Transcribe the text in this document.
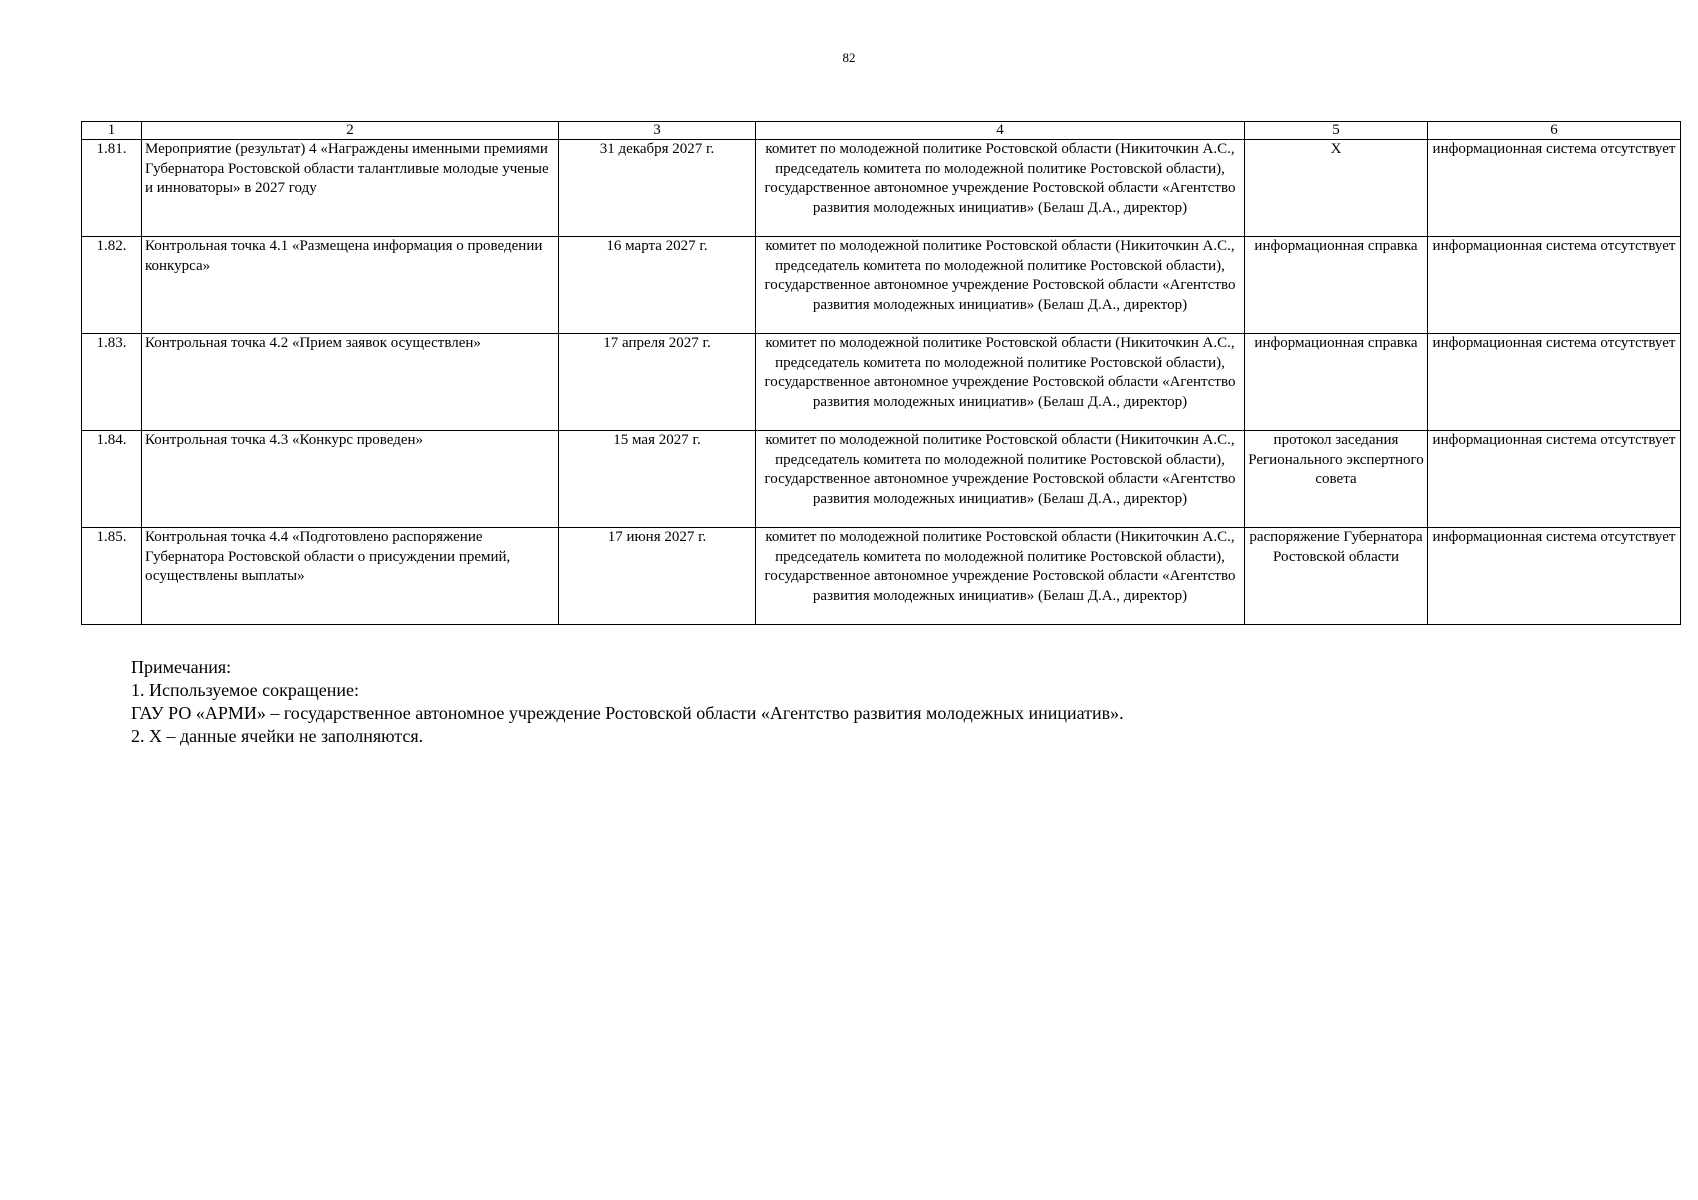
82
1	2	3	4	5	6
1.81.	Мероприятие (результат) 4 «Награждены именными премиями Губернатора Ростовской области талантливые молодые ученые и инноваторы» в 2027 году	31 декабря 2027 г.	комитет по молодежной политике Ростовской области (Никиточкин А.С., председатель комитета по молодежной политике Ростовской области), государственное автономное учреждение Ростовской области «Агентство развития молодежных инициатив» (Белаш Д.А., директор)	Х	информационная система отсутствует
1.82.	Контрольная точка 4.1 «Размещена информация о проведении конкурса»	16 марта 2027 г.	комитет по молодежной политике Ростовской области (Никиточкин А.С., председатель комитета по молодежной политике Ростовской области), государственное автономное учреждение Ростовской области «Агентство развития молодежных инициатив» (Белаш Д.А., директор)	информационная справка	информационная система отсутствует
1.83.	Контрольная точка 4.2 «Прием заявок осуществлен»	17 апреля 2027 г.	комитет по молодежной политике Ростовской области (Никиточкин А.С., председатель комитета по молодежной политике Ростовской области), государственное автономное учреждение Ростовской области «Агентство развития молодежных инициатив» (Белаш Д.А., директор)	информационная справка	информационная система отсутствует
1.84.	Контрольная точка 4.3 «Конкурс проведен»	15 мая 2027 г.	комитет по молодежной политике Ростовской области (Никиточкин А.С., председатель комитета по молодежной политике Ростовской области), государственное автономное учреждение Ростовской области «Агентство развития молодежных инициатив» (Белаш Д.А., директор)	протокол заседания Регионального экспертного совета	информационная система отсутствует
1.85.	Контрольная точка 4.4 «Подготовлено распоряжение Губернатора Ростовской области о присуждении премий, осуществлены выплаты»	17 июня 2027 г.	комитет по молодежной политике Ростовской области (Никиточкин А.С., председатель комитета по молодежной политике Ростовской области), государственное автономное учреждение Ростовской области «Агентство развития молодежных инициатив» (Белаш Д.А., директор)	распоряжение Губернатора Ростовской области	информационная система отсутствует
Примечания:
1. Используемое сокращение:
ГАУ РО «АРМИ» – государственное автономное учреждение Ростовской области «Агентство развития молодежных инициатив».
2. Х – данные ячейки не заполняются.
